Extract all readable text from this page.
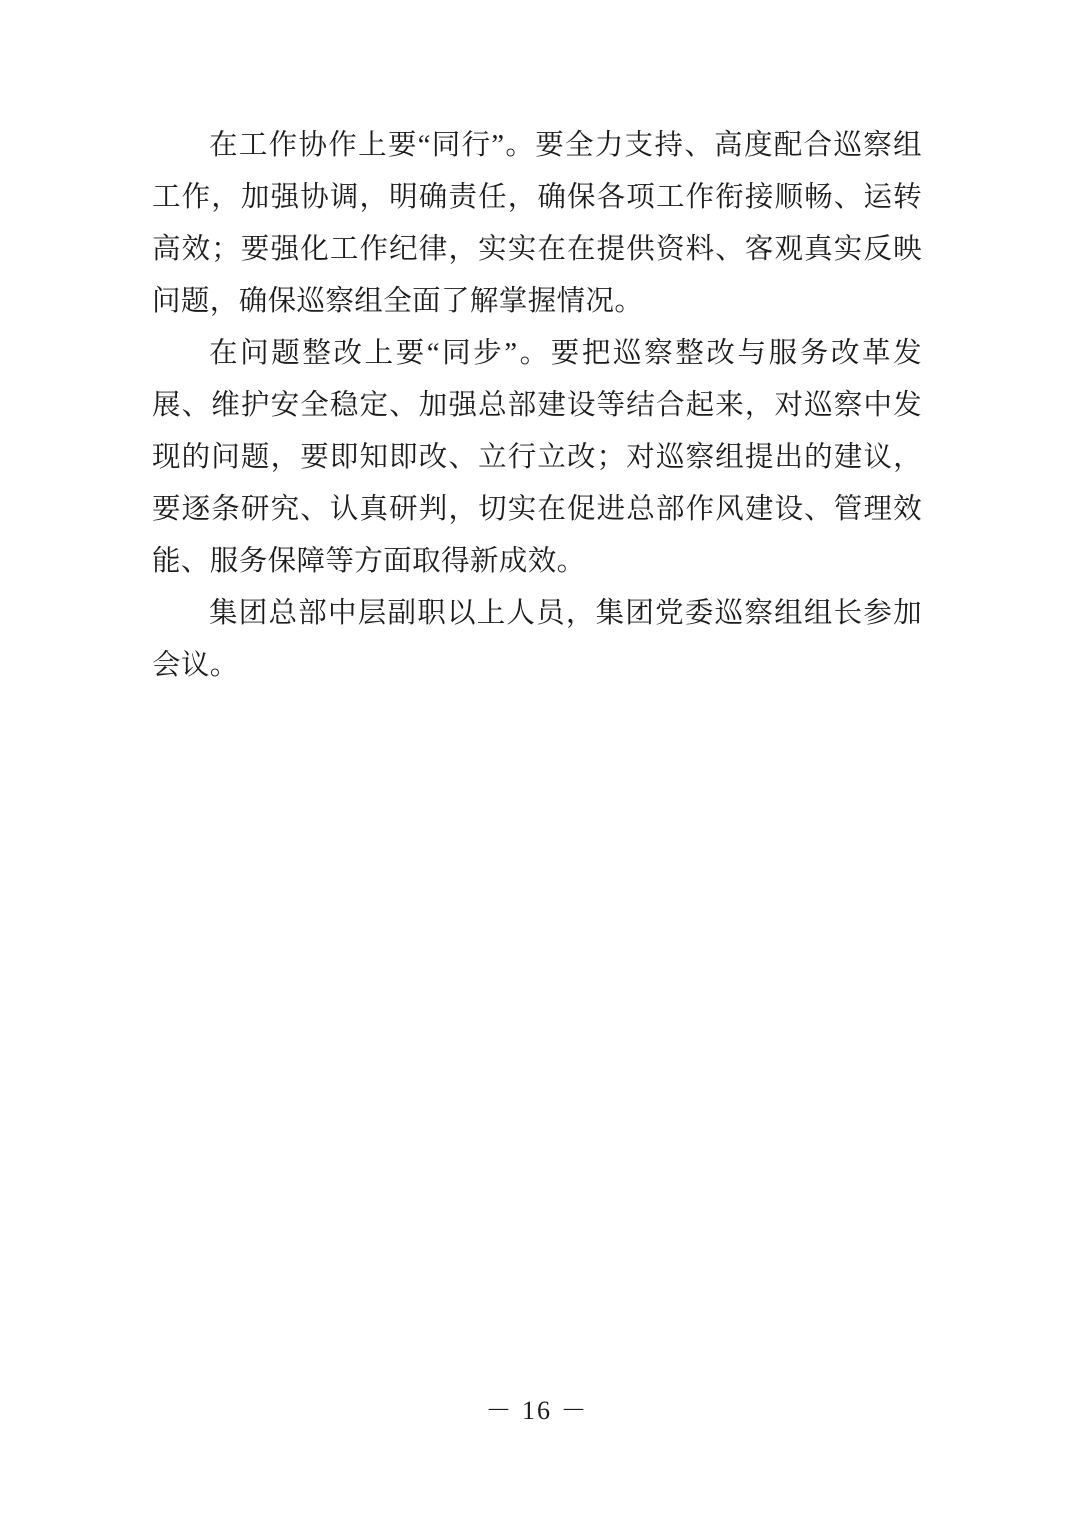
在工作协作上要“同行”。要全力支持、高度配合巡察组工作，加强协调，明确责任，确保各项工作衔接顺畅、运转高效；要强化工作纪律，实实在在提供资料、客观真实反映问题，确保巡察组全面了解掌握情况。

在问题整改上要“同步”。要把巡察整改与服务改革发展、维护安全稳定、加强总部建设等结合起来，对巡察中发现的问题，要即知即改、立行立改；对巡察组提出的建议，要逐条研究、认真研判，切实在促进总部作风建设、管理效能、服务保障等方面取得新成效。

集团总部中层副职以上人员，集团党委巡察组组长参加会议。

－ 16 －
